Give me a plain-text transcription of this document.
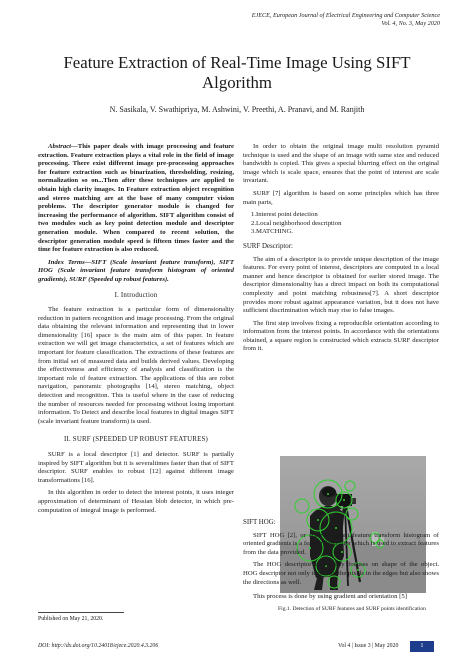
EJECE, European Journal of Electrical Engineering and Computer Science
Vol. 4, No. 3, May 2020
Feature Extraction of Real-Time Image Using SIFT Algorithm
N. Sasikala, V. Swathipriya, M. Ashwini, V. Preethi, A. Pranavi, and M. Ranjith

Abstract—This paper deals with image processing and feature extraction. Feature extraction plays a vital role in the field of image processing. There exist different image pre-processing approaches for feature extraction such as binarization, thresholding, resizing, normalization so on...Then after these techniques are applied to obtain high clarity images. In Feature extraction object recognition and stereo matching are at the base of many computer vision problems. The descriptor generator module is changed for increasing the performance of algorithm. SIFT algorithm consist of two modules such as key point detection module and descriptor generation module. When compared to recent solution, the descriptor generation module speed is fifteen times faster and the time for feature extraction is also reduced.

Index Terms—SIFT (Scale invariant feature transform), SIFT HOG (Scale invariant feature transform histogram of oriented gradients), SURF (Speeded up robust features).

I. Introduction

The feature extraction is a particular form of dimensionality reduction in pattern recognition and image processing. From the original data obtaining the relevant information and representing that in lower dimensionality [16] space is the main aim of this paper. In feature extraction we will get image characteristics, a set of features which are important for feature classification. The extractions of these features are from initial set of measured data and builds derived values. Developing the effectiveness and efficiency of analysis and classification is the important role of feature extraction. The applications of this are robot navigation, panoramic photographs [14], stereo matching, object detection and recognition. This is useful where in the case of reducing the number of resources needed for processing without losing important information. To Detect and describe local features in digital images SIFT (scale invariant feature transform) is used.

II. SURF (SPEEDED UP ROBUST FEATURES)

SURF is a local descriptor [1] and detector. SURF is partially inspired by SIFT algorithm but it is severaltimes faster than that of SIFT descriptor. SURF enables to robust [12] against different image transformations [16].

In this algorithm in order to detect the interest points, it uses integer approximation of determinant of Hessian blob detector, in which pre-computation of integral image is performed.

In order to obtain the original image multi resolution pyramid technique is used and the shape of an image with same size and reduced bandwidth is copied. This gives a special blurring effect on the original image which is scale space, ensures that the point of interest are scale invariant.

SURF [7] algorithm is based on some principles which has three main parts,

1.Interest point detection
2.Local neighborhood description
3.MATCHING.
SURF Descriptor:

The aim of a descriptor is to provide unique description of the image features. For every point of interest, descriptors are computed in a local manner and hence descriptor is obtained for earlier stored image. The descriptor dimensionality has a direct impact on both its computational complexity and point matching robustness[7]. A short descriptor provides more robust against appearance variation, but it does not have sufficient discrimination which may rise to false images.

The first step involves fixing a reproducible orientation according to information from the interest points. In accordance with the orientations obtained, a square region is constructed which extracts SURF descriptor from it.

Fig.1. Detection of SURF features and SURF points identification
SIFT HOG:

SIFT HOG [2], or scale invariant feature transform histogram of oriented gradients is a feature descriptor which is used to extract features from the data provided.

The HOG descriptor completely focuses on shape of the object. HOG descriptor not only identifies the pixels in the edges but also shows the directions as well.

This process is done by using gradient and orientation [5]

Published on May 21, 2020.
DOI: http://dx.doi.org/10.24018/ejece.2020.4.3.206	Vol 4 | Issue 3 | May 2020	1
